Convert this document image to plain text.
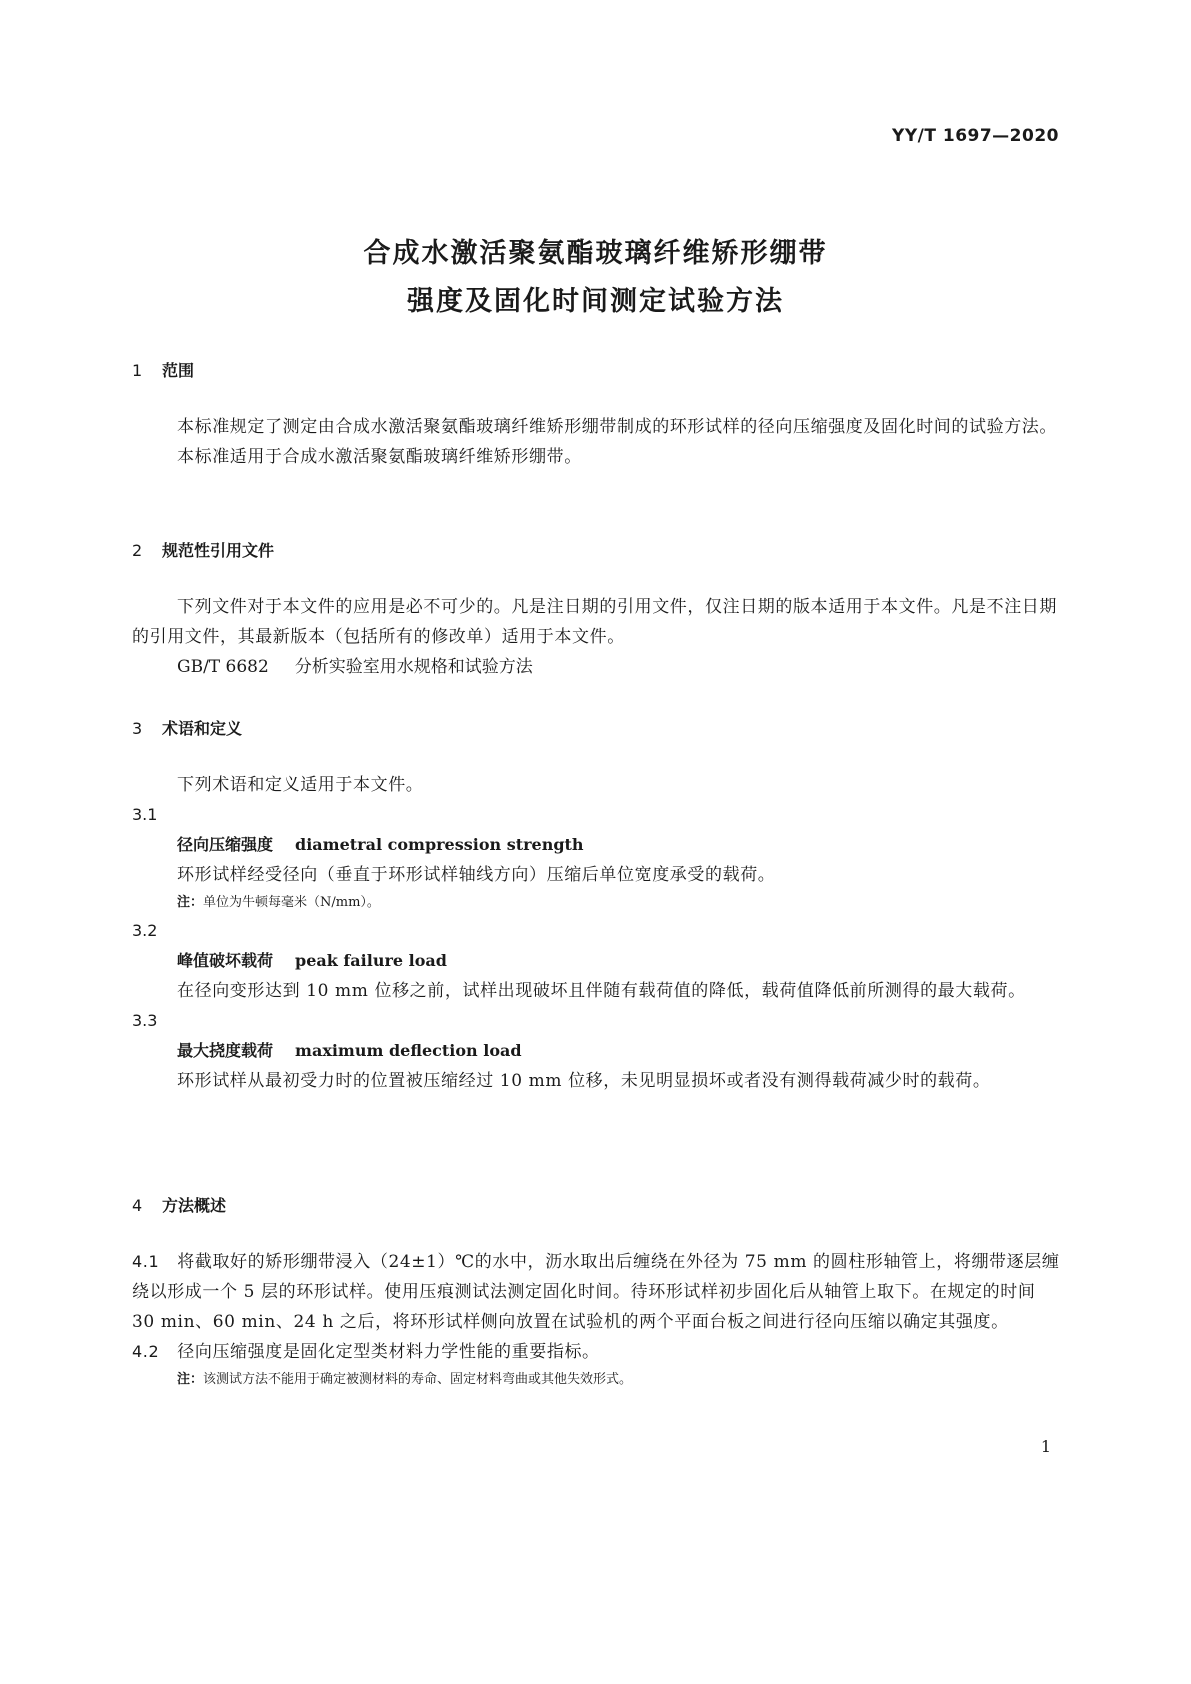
YY/T 1697—2020
合成水激活聚氨酯玻璃纤维矫形绷带
强度及固化时间测定试验方法
1 范围

本标准规定了测定由合成水激活聚氨酯玻璃纤维矫形绷带制成的环形试样的径向压缩强度及固化时间的试验方法。

本标准适用于合成水激活聚氨酯玻璃纤维矫形绷带。

2 规范性引用文件

下列文件对于本文件的应用是必不可少的。凡是注日期的引用文件，仅注日期的版本适用于本文件。凡是不注日期的引用文件，其最新版本（包括所有的修改单）适用于本文件。

GB/T 6682 分析实验室用水规格和试验方法
3 术语和定义

下列术语和定义适用于本文件。

3.1
径向压缩强度 diametral compression strength

环形试样经受径向（垂直于环形试样轴线方向）压缩后单位宽度承受的载荷。

注：单位为牛顿每毫米（N/mm）。
3.2
峰值破坏载荷 peak failure load

在径向变形达到 10 mm 位移之前，试样出现破坏且伴随有载荷值的降低，载荷值降低前所测得的最大载荷。

3.3
最大挠度载荷 maximum deflection load

环形试样从最初受力时的位置被压缩经过 10 mm 位移，未见明显损坏或者没有测得载荷减少时的载荷。

4 方法概述

4.1 将截取好的矫形绷带浸入（24±1）℃的水中，沥水取出后缠绕在外径为 75 mm 的圆柱形轴管上，将绷带逐层缠绕以形成一个 5 层的环形试样。使用压痕测试法测定固化时间。待环形试样初步固化后从轴管上取下。在规定的时间 30 min、60 min、24 h 之后，将环形试样侧向放置在试验机的两个平面台板之间进行径向压缩以确定其强度。

4.2 径向压缩强度是固化定型类材料力学性能的重要指标。

注：该测试方法不能用于确定被测材料的寿命、固定材料弯曲或其他失效形式。
1
